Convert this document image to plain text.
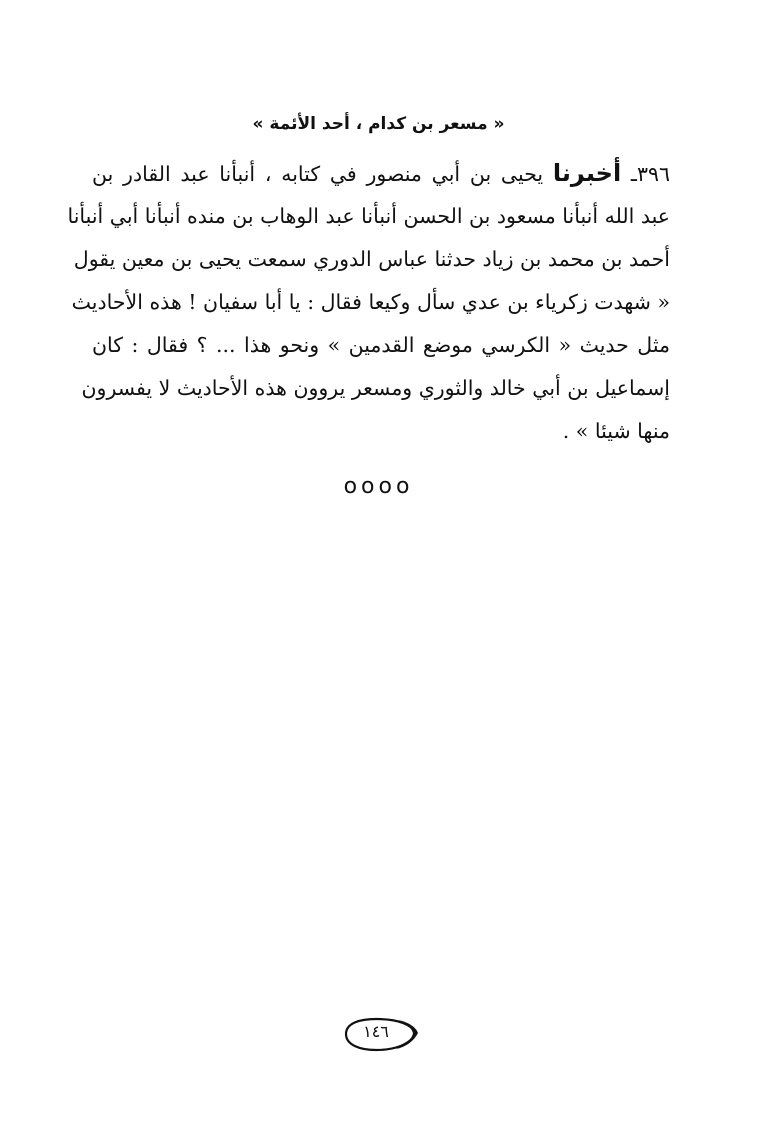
« مسعر بن كدام ، أحد الأئمة »
٣٩٦ـ أخبرنا يحيى بن أبي منصور في كتابه ، أنبأنا عبد القادر بن
عبد الله أنبأنا مسعود بن الحسن أنبأنا عبد الوهاب بن منده أنبأنا أبي أنبأنا
أحمد بن محمد بن زياد حدثنا عباس الدوري سمعت يحيى بن معين يقول
« شهدت زكرياء بن عدي سأل وكيعا فقال : يا أبا سفيان ! هذه الأحاديث
مثل حديث « الكرسي موضع القدمين » ونحو هذا ... ؟ فقال : كان
إسماعيل بن أبي خالد والثوري ومسعر يروون هذه الأحاديث لا يفسرون
منها شيئا » .
oooo
١٤٦
